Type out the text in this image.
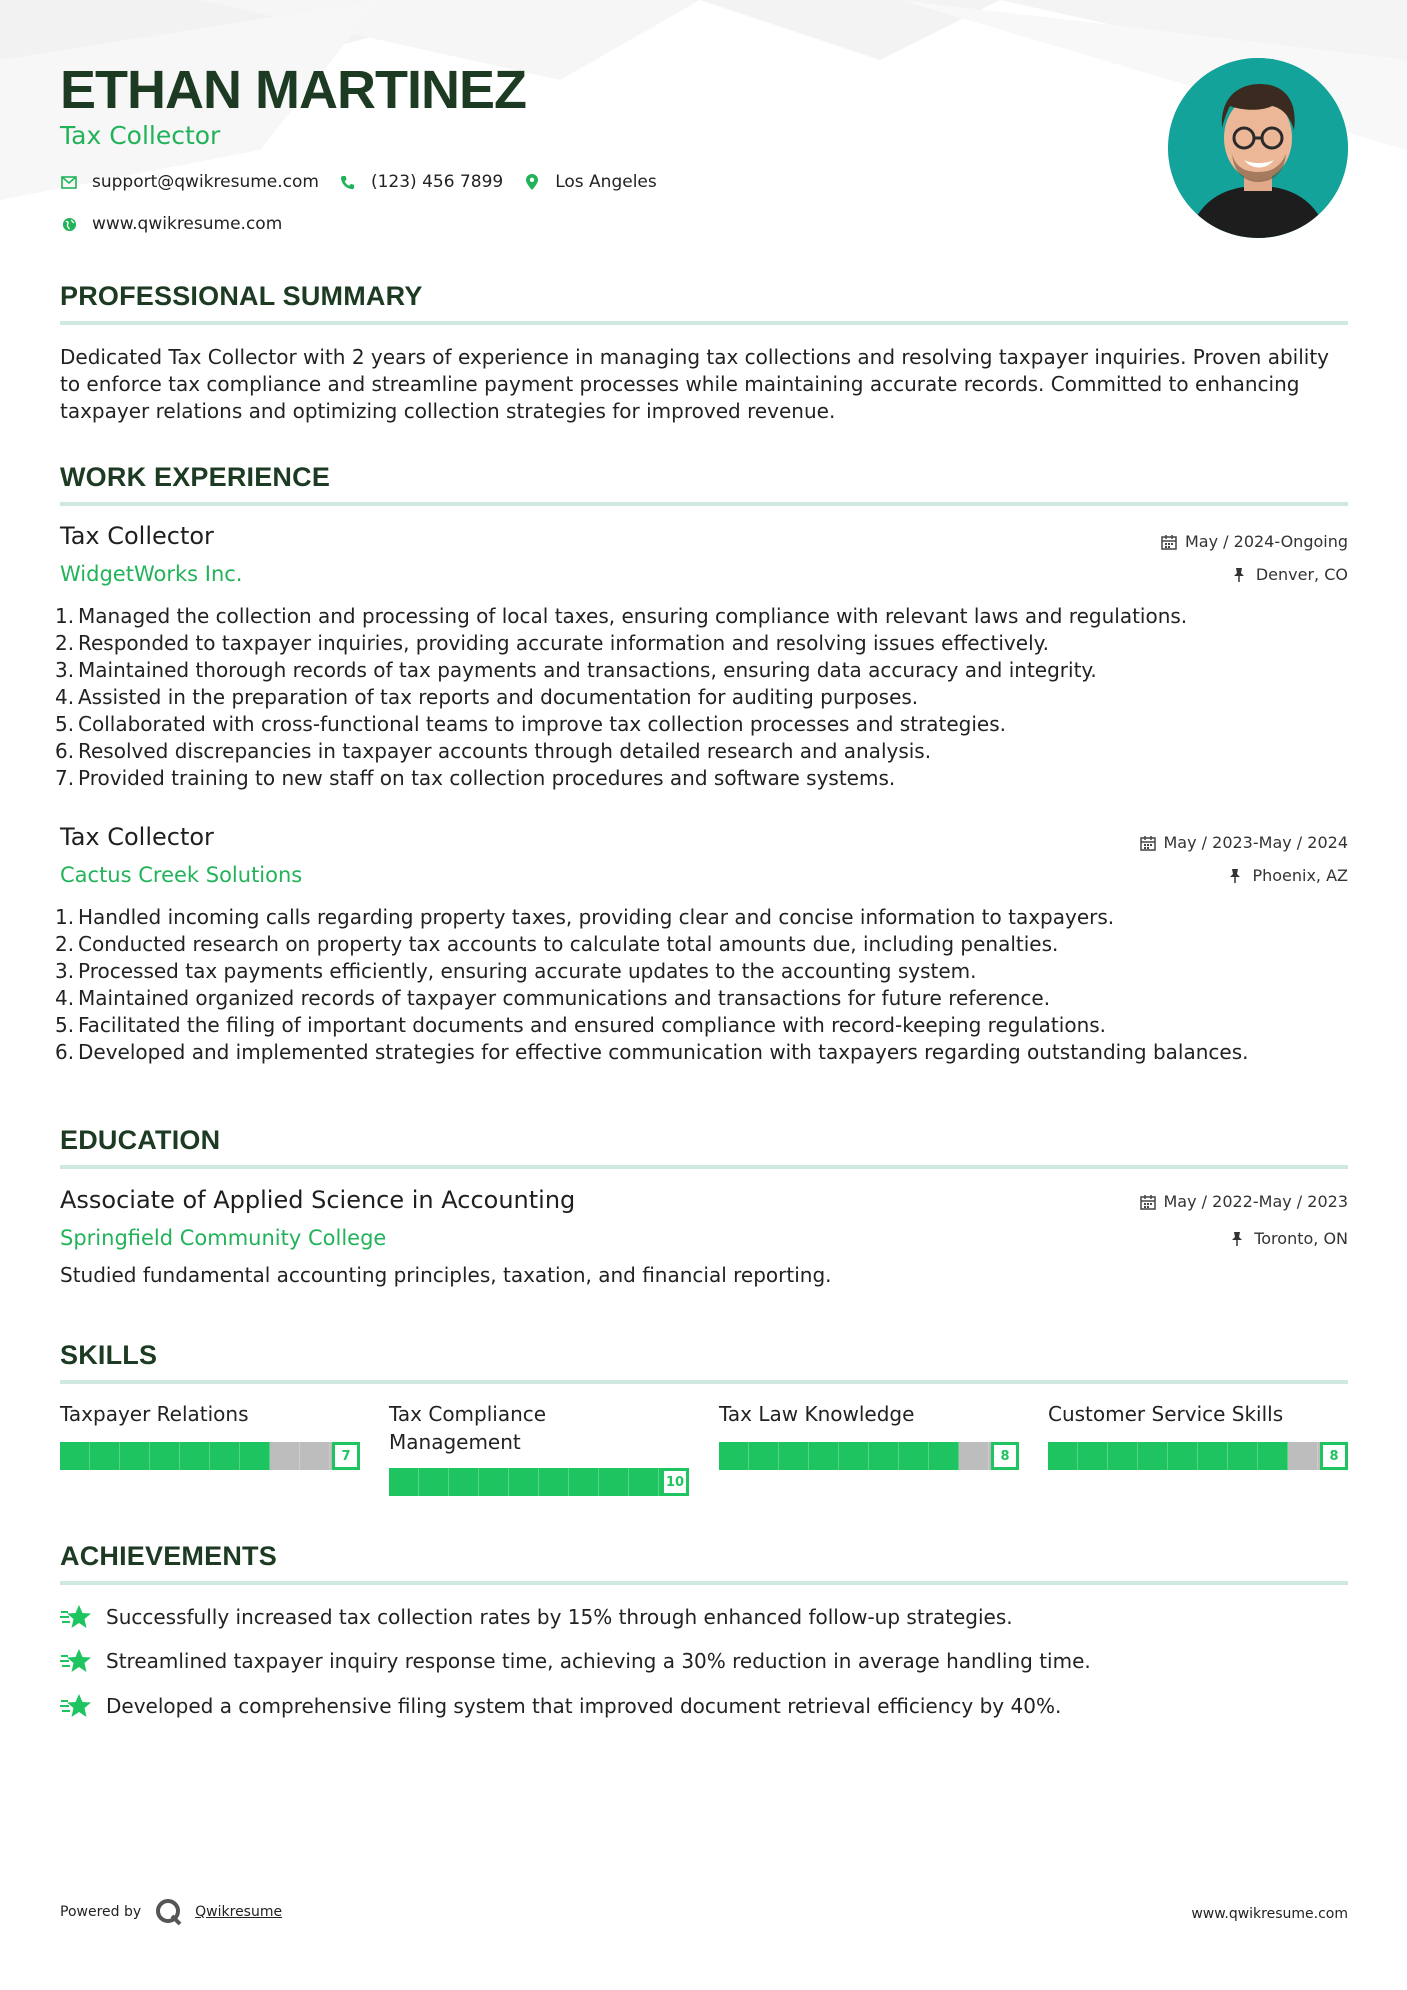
ETHAN MARTINEZ
Tax Collector
support@qwikresume.com	(123) 456 7899	Los Angeles
www.qwikresume.com
PROFESSIONAL SUMMARY
Dedicated Tax Collector with 2 years of experience in managing tax collections and resolving taxpayer inquiries. Proven ability to enforce tax compliance and streamline payment processes while maintaining accurate records. Committed to enhancing taxpayer relations and optimizing collection strategies for improved revenue.
WORK EXPERIENCE
Tax Collector	May / 2024-Ongoing
WidgetWorks Inc.	Denver, CO
1. Managed the collection and processing of local taxes, ensuring compliance with relevant laws and regulations.
2. Responded to taxpayer inquiries, providing accurate information and resolving issues effectively.
3. Maintained thorough records of tax payments and transactions, ensuring data accuracy and integrity.
4. Assisted in the preparation of tax reports and documentation for auditing purposes.
5. Collaborated with cross-functional teams to improve tax collection processes and strategies.
6. Resolved discrepancies in taxpayer accounts through detailed research and analysis.
7. Provided training to new staff on tax collection procedures and software systems.
Tax Collector	May / 2023-May / 2024
Cactus Creek Solutions	Phoenix, AZ
1. Handled incoming calls regarding property taxes, providing clear and concise information to taxpayers.
2. Conducted research on property tax accounts to calculate total amounts due, including penalties.
3. Processed tax payments efficiently, ensuring accurate updates to the accounting system.
4. Maintained organized records of taxpayer communications and transactions for future reference.
5. Facilitated the filing of important documents and ensured compliance with record-keeping regulations.
6. Developed and implemented strategies for effective communication with taxpayers regarding outstanding balances.
EDUCATION
Associate of Applied Science in Accounting	May / 2022-May / 2023
Springfield Community College	Toronto, ON
Studied fundamental accounting principles, taxation, and financial reporting.
SKILLS
Taxpayer Relations
7
Tax Compliance Management
10
Tax Law Knowledge
8
Customer Service Skills
8
ACHIEVEMENTS
Successfully increased tax collection rates by 15% through enhanced follow-up strategies.
Streamlined taxpayer inquiry response time, achieving a 30% reduction in average handling time.
Developed a comprehensive filing system that improved document retrieval efficiency by 40%.
Powered by	Qwikresume	www.qwikresume.com
